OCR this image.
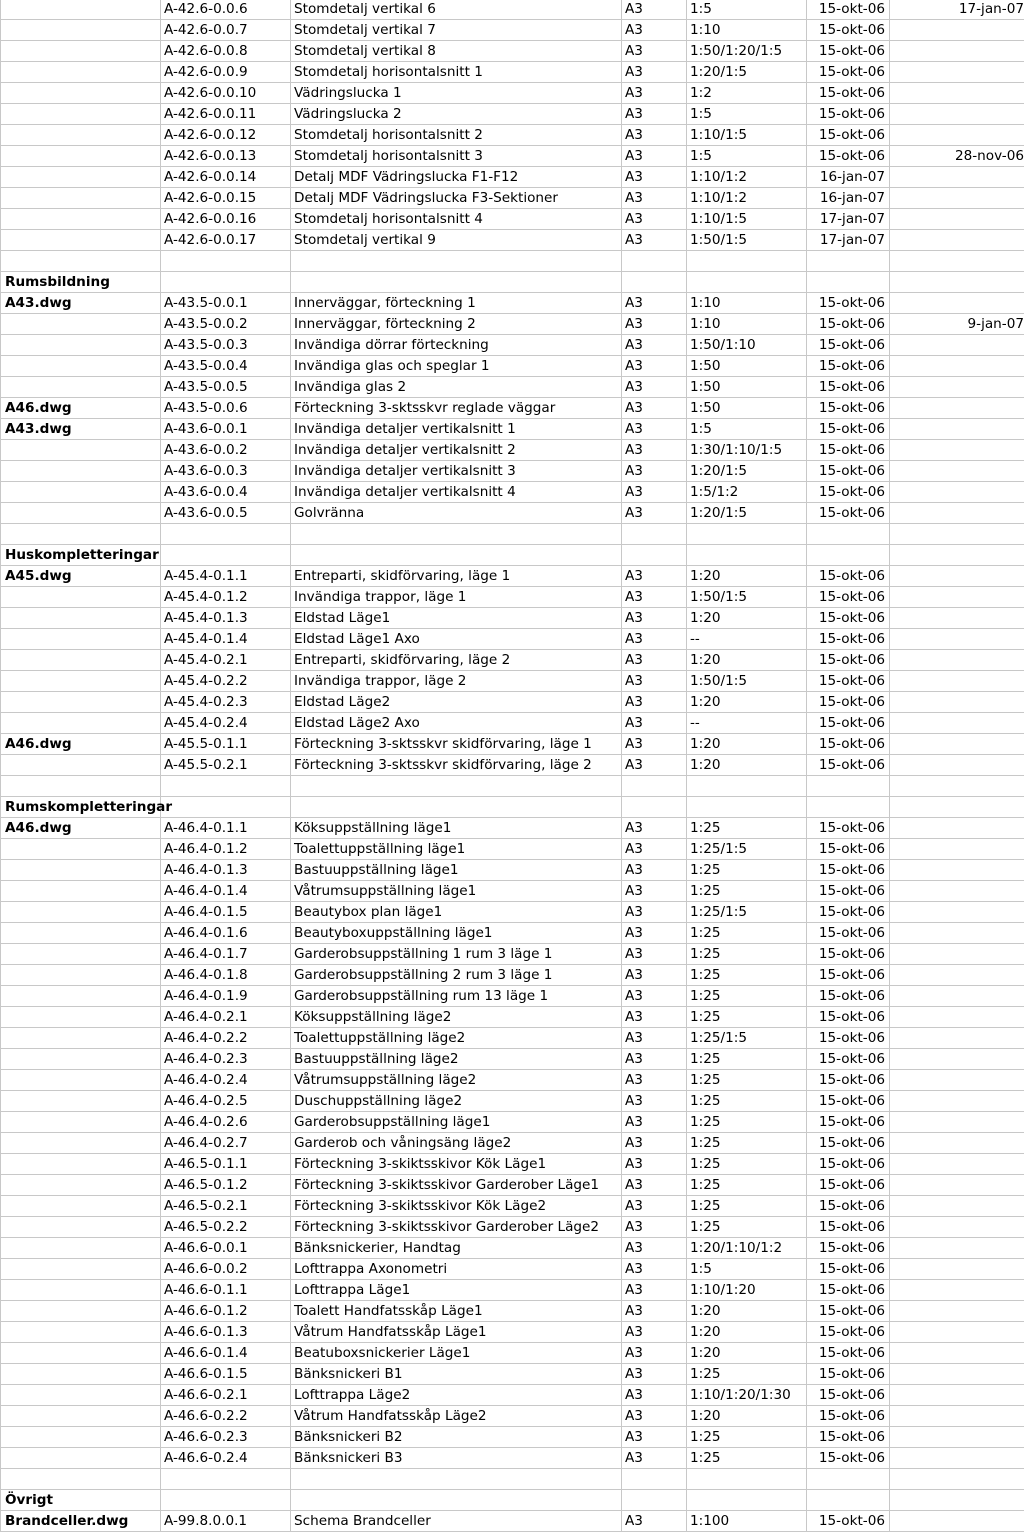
	A-42.6-0.0.6	Stomdetalj vertikal 6	A3	1:5	15-okt-06	17-jan-07
	A-42.6-0.0.7	Stomdetalj vertikal 7	A3	1:10	15-okt-06	
	A-42.6-0.0.8	Stomdetalj vertikal 8	A3	1:50/1:20/1:5	15-okt-06	
	A-42.6-0.0.9	Stomdetalj horisontalsnitt 1	A3	1:20/1:5	15-okt-06	
	A-42.6-0.0.10	Vädringslucka 1	A3	1:2	15-okt-06	
	A-42.6-0.0.11	Vädringslucka 2	A3	1:5	15-okt-06	
	A-42.6-0.0.12	Stomdetalj horisontalsnitt 2	A3	1:10/1:5	15-okt-06	
	A-42.6-0.0.13	Stomdetalj horisontalsnitt 3	A3	1:5	15-okt-06	28-nov-06
	A-42.6-0.0.14	Detalj MDF Vädringslucka F1-F12	A3	1:10/1:2	16-jan-07	
	A-42.6-0.0.15	Detalj MDF Vädringslucka F3-Sektioner	A3	1:10/1:2	16-jan-07	
	A-42.6-0.0.16	Stomdetalj horisontalsnitt 4	A3	1:10/1:5	17-jan-07	
	A-42.6-0.0.17	Stomdetalj vertikal 9	A3	1:50/1:5	17-jan-07	

Rumsbildning						
A43.dwg	A-43.5-0.0.1	Innerväggar, förteckning 1	A3	1:10	15-okt-06	
	A-43.5-0.0.2	Innerväggar, förteckning 2	A3	1:10	15-okt-06	9-jan-07
	A-43.5-0.0.3	Invändiga dörrar förteckning	A3	1:50/1:10	15-okt-06	
	A-43.5-0.0.4	Invändiga glas och speglar 1	A3	1:50	15-okt-06	
	A-43.5-0.0.5	Invändiga glas 2	A3	1:50	15-okt-06	
A46.dwg	A-43.5-0.0.6	Förteckning 3-sktsskvr reglade väggar	A3	1:50	15-okt-06	
A43.dwg	A-43.6-0.0.1	Invändiga detaljer vertikalsnitt 1	A3	1:5	15-okt-06	
	A-43.6-0.0.2	Invändiga detaljer vertikalsnitt 2	A3	1:30/1:10/1:5	15-okt-06	
	A-43.6-0.0.3	Invändiga detaljer vertikalsnitt 3	A3	1:20/1:5	15-okt-06	
	A-43.6-0.0.4	Invändiga detaljer vertikalsnitt 4	A3	1:5/1:2	15-okt-06	
	A-43.6-0.0.5	Golvränna	A3	1:20/1:5	15-okt-06	

Huskompletteringar						
A45.dwg	A-45.4-0.1.1	Entreparti, skidförvaring, läge 1	A3	1:20	15-okt-06	
	A-45.4-0.1.2	Invändiga trappor, läge 1	A3	1:50/1:5	15-okt-06	
	A-45.4-0.1.3	Eldstad Läge1	A3	1:20	15-okt-06	
	A-45.4-0.1.4	Eldstad Läge1 Axo	A3	--	15-okt-06	
	A-45.4-0.2.1	Entreparti, skidförvaring, läge 2	A3	1:20	15-okt-06	
	A-45.4-0.2.2	Invändiga trappor, läge 2	A3	1:50/1:5	15-okt-06	
	A-45.4-0.2.3	Eldstad Läge2	A3	1:20	15-okt-06	
	A-45.4-0.2.4	Eldstad Läge2 Axo	A3	--	15-okt-06	
A46.dwg	A-45.5-0.1.1	Förteckning 3-sktsskvr skidförvaring, läge 1	A3	1:20	15-okt-06	
	A-45.5-0.2.1	Förteckning 3-sktsskvr skidförvaring, läge 2	A3	1:20	15-okt-06	

Rumskompletteringar						
A46.dwg	A-46.4-0.1.1	Köksuppställning läge1	A3	1:25	15-okt-06	
	A-46.4-0.1.2	Toalettuppställning läge1	A3	1:25/1:5	15-okt-06	
	A-46.4-0.1.3	Bastuuppställning läge1	A3	1:25	15-okt-06	
	A-46.4-0.1.4	Våtrumsuppställning läge1	A3	1:25	15-okt-06	
	A-46.4-0.1.5	Beautybox plan läge1	A3	1:25/1:5	15-okt-06	
	A-46.4-0.1.6	Beautyboxuppställning läge1	A3	1:25	15-okt-06	
	A-46.4-0.1.7	Garderobsuppställning 1 rum 3 läge 1	A3	1:25	15-okt-06	
	A-46.4-0.1.8	Garderobsuppställning 2 rum 3 läge 1	A3	1:25	15-okt-06	
	A-46.4-0.1.9	Garderobsuppställning rum 13 läge 1	A3	1:25	15-okt-06	
	A-46.4-0.2.1	Köksuppställning läge2	A3	1:25	15-okt-06	
	A-46.4-0.2.2	Toalettuppställning läge2	A3	1:25/1:5	15-okt-06	
	A-46.4-0.2.3	Bastuuppställning läge2	A3	1:25	15-okt-06	
	A-46.4-0.2.4	Våtrumsuppställning läge2	A3	1:25	15-okt-06	
	A-46.4-0.2.5	Duschuppställning läge2	A3	1:25	15-okt-06	
	A-46.4-0.2.6	Garderobsuppställning läge1	A3	1:25	15-okt-06	
	A-46.4-0.2.7	Garderob och våningsäng läge2	A3	1:25	15-okt-06	
	A-46.5-0.1.1	Förteckning 3-skiktsskivor Kök Läge1	A3	1:25	15-okt-06	
	A-46.5-0.1.2	Förteckning 3-skiktsskivor Garderober Läge1	A3	1:25	15-okt-06	
	A-46.5-0.2.1	Förteckning 3-skiktsskivor Kök Läge2	A3	1:25	15-okt-06	
	A-46.5-0.2.2	Förteckning 3-skiktsskivor Garderober Läge2	A3	1:25	15-okt-06	
	A-46.6-0.0.1	Bänksnickerier, Handtag	A3	1:20/1:10/1:2	15-okt-06	
	A-46.6-0.0.2	Lofttrappa Axonometri	A3	1:5	15-okt-06	
	A-46.6-0.1.1	Lofttrappa Läge1	A3	1:10/1:20	15-okt-06	
	A-46.6-0.1.2	Toalett Handfatsskåp Läge1	A3	1:20	15-okt-06	
	A-46.6-0.1.3	Våtrum Handfatsskåp Läge1	A3	1:20	15-okt-06	
	A-46.6-0.1.4	Beatuboxsnickerier Läge1	A3	1:20	15-okt-06	
	A-46.6-0.1.5	Bänksnickeri B1	A3	1:25	15-okt-06	
	A-46.6-0.2.1	Lofttrappa Läge2	A3	1:10/1:20/1:30	15-okt-06	
	A-46.6-0.2.2	Våtrum Handfatsskåp Läge2	A3	1:20	15-okt-06	
	A-46.6-0.2.3	Bänksnickeri B2	A3	1:25	15-okt-06	
	A-46.6-0.2.4	Bänksnickeri B3	A3	1:25	15-okt-06	

Övrigt						
Brandceller.dwg	A-99.8.0.0.1	Schema Brandceller	A3	1:100	15-okt-06	
